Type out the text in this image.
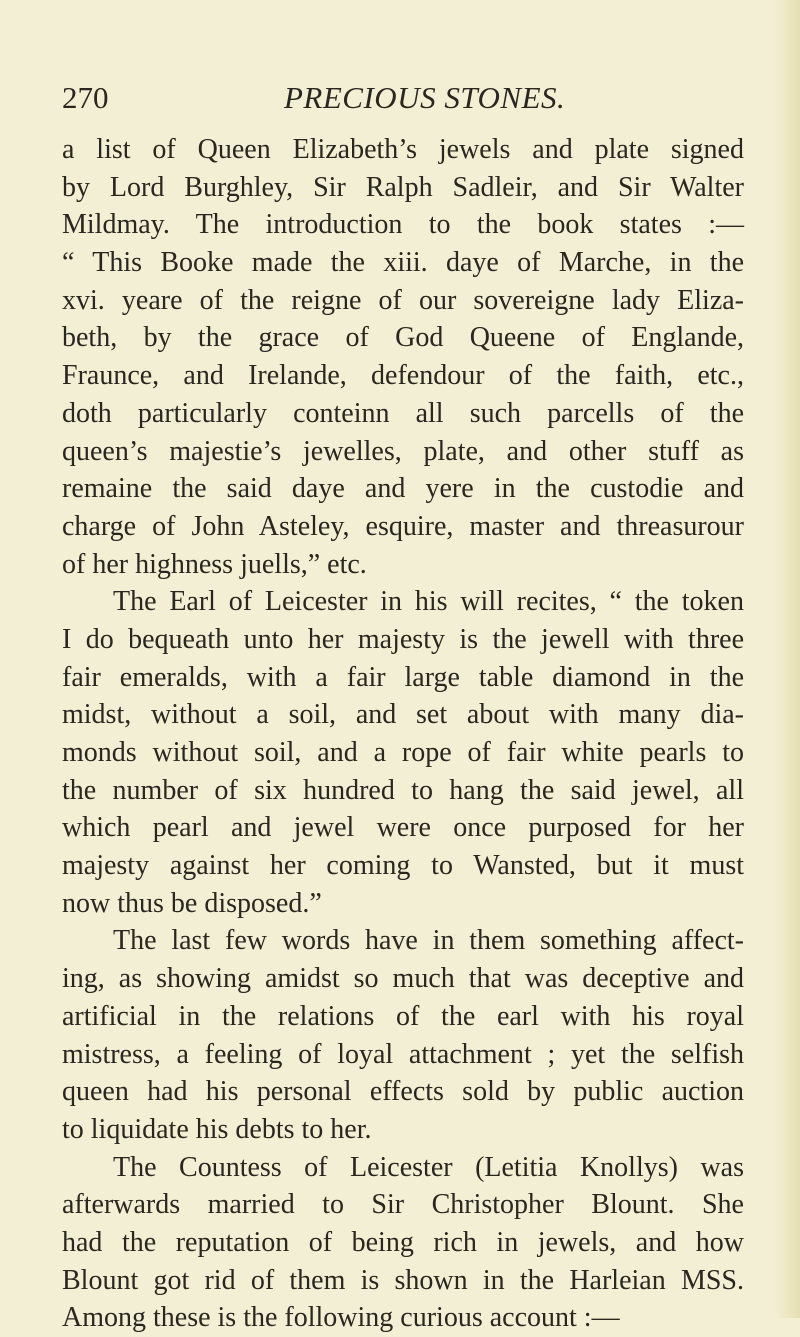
270	PRECIOUS STONES.
a list of Queen Elizabeth’s jewels and plate signed
by Lord Burghley, Sir Ralph Sadleir, and Sir Walter
Mildmay. The introduction to the book states :—
“ This Booke made the xiii. daye of Marche, in the
xvi. yeare of the reigne of our sovereigne lady Eliza-
beth, by the grace of God Queene of Englande,
Fraunce, and Irelande, defendour of the faith, etc.,
doth particularly conteinn all such parcells of the
queen’s majestie’s jewelles, plate, and other stuff as
remaine the said daye and yere in the custodie and
charge of John Asteley, esquire, master and threasurour
of her highness juells,” etc.
The Earl of Leicester in his will recites, “ the token
I do bequeath unto her majesty is the jewell with three
fair emeralds, with a fair large table diamond in the
midst, without a soil, and set about with many dia-
monds without soil, and a rope of fair white pearls to
the number of six hundred to hang the said jewel, all
which pearl and jewel were once purposed for her
majesty against her coming to Wansted, but it must
now thus be disposed.”
The last few words have in them something affect-
ing, as showing amidst so much that was deceptive and
artificial in the relations of the earl with his royal
mistress, a feeling of loyal attachment ; yet the selfish
queen had his personal effects sold by public auction
to liquidate his debts to her.
The Countess of Leicester (Letitia Knollys) was
afterwards married to Sir Christopher Blount. She
had the reputation of being rich in jewels, and how
Blount got rid of them is shown in the Harleian MSS.
Among these is the following curious account :—
